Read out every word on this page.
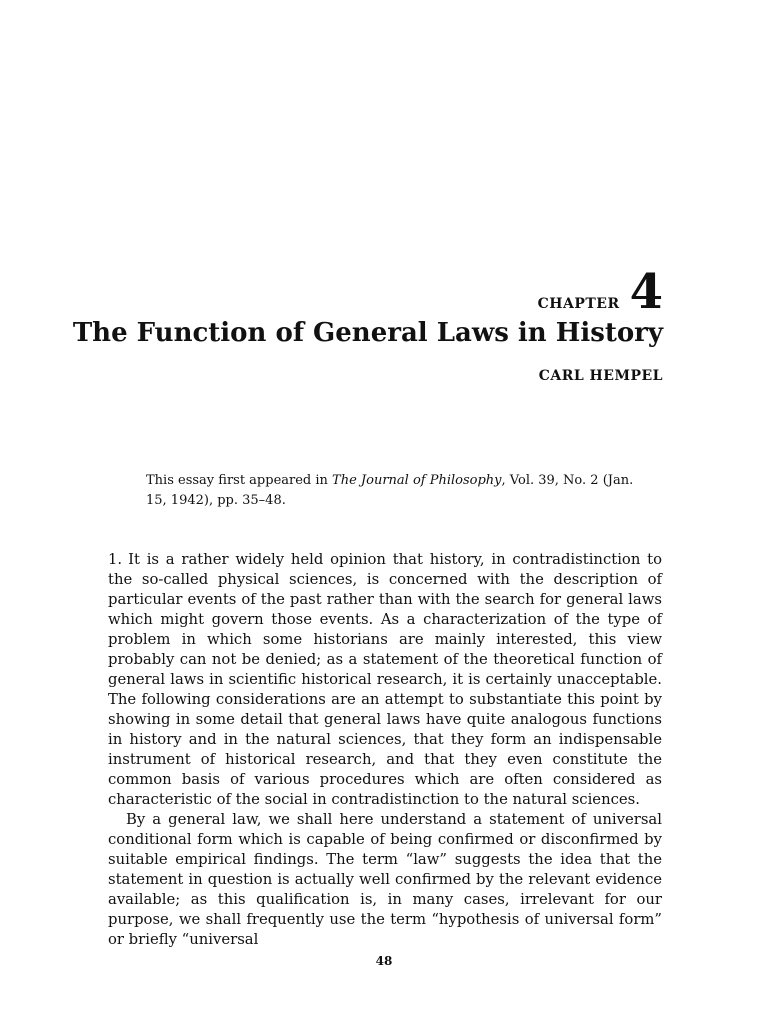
CHAPTER 4
The Function of General Laws in History
CARL HEMPEL
This essay first appeared in The Journal of Philosophy, Vol. 39, No. 2 (Jan. 15, 1942), pp. 35–48.

1. It is a rather widely held opinion that history, in contradistinction to the so-called physical sciences, is concerned with the description of particular events of the past rather than with the search for general laws which might govern those events. As a characterization of the type of problem in which some historians are mainly interested, this view probably can not be denied; as a statement of the theoretical function of general laws in scientific historical research, it is certainly unacceptable. The following considerations are an attempt to substantiate this point by showing in some detail that general laws have quite analogous functions in history and in the natural sciences, that they form an indispensable instrument of historical research, and that they even constitute the common basis of various procedures which are often considered as characteristic of the social in contradistinction to the natural sciences.

By a general law, we shall here understand a statement of universal conditional form which is capable of being confirmed or disconfirmed by suitable empirical findings. The term “law” suggests the idea that the statement in question is actually well confirmed by the relevant evidence available; as this qualification is, in many cases, irrelevant for our purpose, we shall frequently use the term “hypothesis of universal form” or briefly “universal

48
